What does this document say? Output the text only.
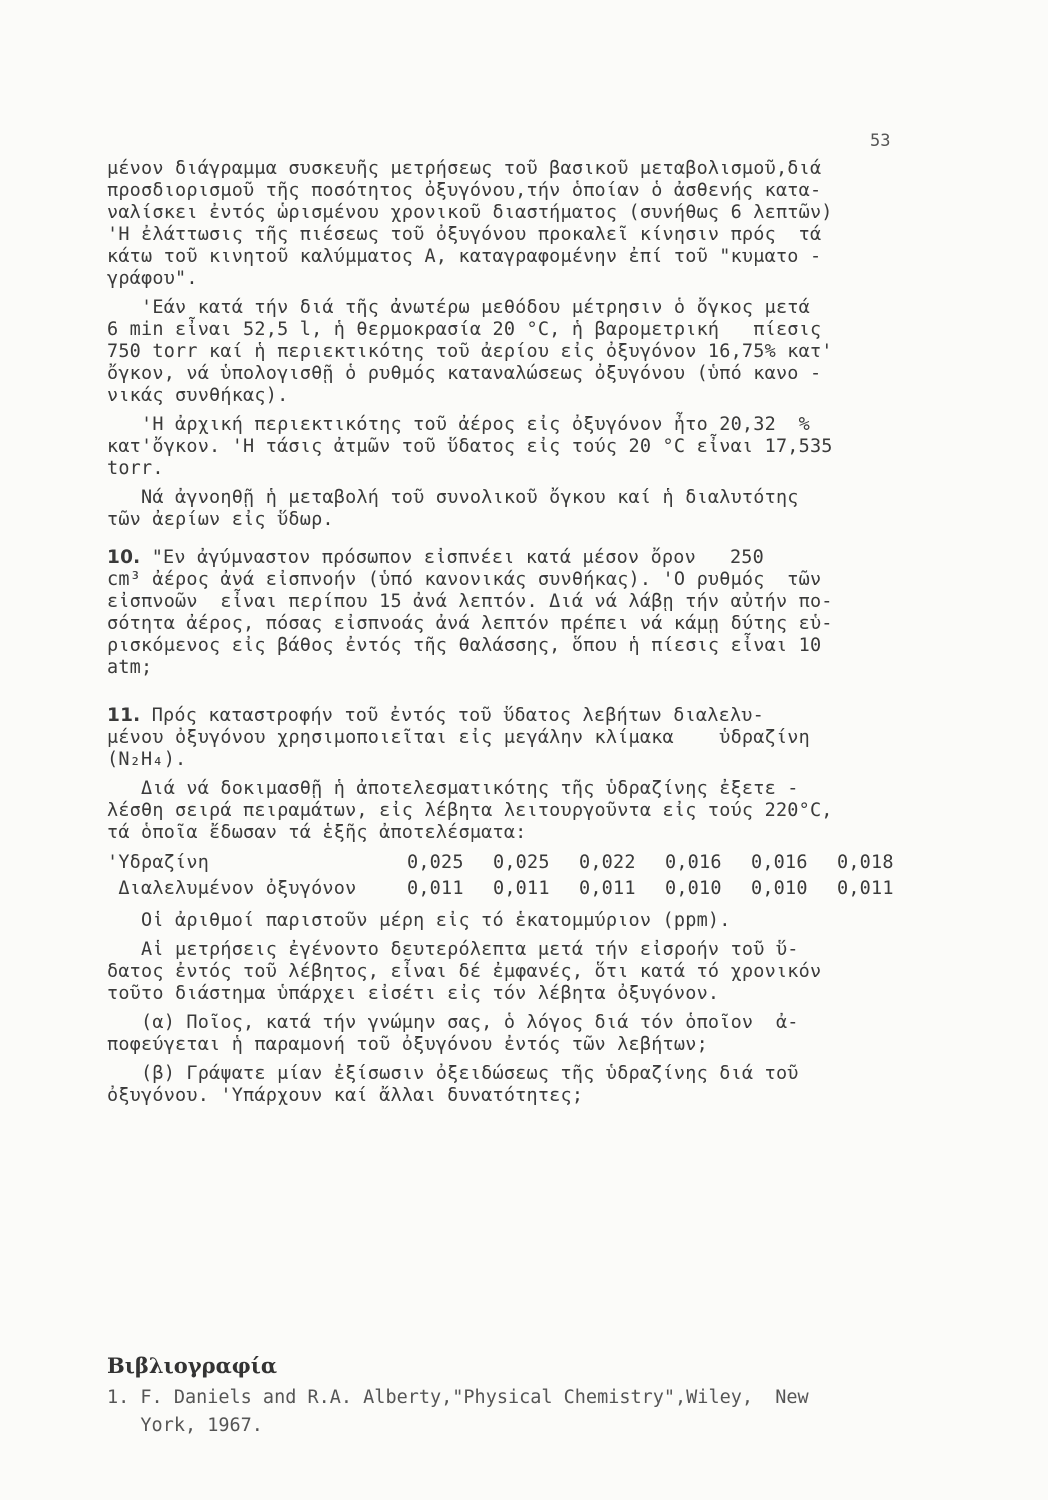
53
μένον διάγραμμα συσκευῆς μετρήσεως τοῦ βασικοῦ μεταβολισμοῦ,διά
προσδιορισμοῦ τῆς ποσότητος ὀξυγόνου,τήν ὁποίαν ὁ ἀσθενής κατα-
ναλίσκει ἐντός ὡρισμένου χρονικοῦ διαστήματος (συνήθως 6 λεπτῶν)
'Η ἐλάττωσις τῆς πιέσεως τοῦ ὀξυγόνου προκαλεῖ κίνησιν πρός  τά
κάτω τοῦ κινητοῦ καλύμματος Α, καταγραφομένην ἐπί τοῦ "κυματο -
γράφου".
'Εάν κατά τήν διά τῆς ἀνωτέρω μεθόδου μέτρησιν ὁ ὄγκος μετά
6 min εἶναι 52,5 l, ἡ θερμοκρασία 20 °C, ἡ βαρομετρική   πίεσις
750 torr καί ἡ περιεκτικότης τοῦ ἀερίου εἰς ὀξυγόνον 16,75% κατ'
ὄγκον, νά ὑπολογισθῇ ὁ ρυθμός καταναλώσεως ὀξυγόνου (ὑπό κανο -
νικάς συνθήκας).
'Η ἀρχική περιεκτικότης τοῦ ἀέρος εἰς ὀξυγόνον ἦτο 20,32  %
κατ'ὄγκον. 'Η τάσις ἀτμῶν τοῦ ὕδατος εἰς τούς 20 °C εἶναι 17,535
torr.
Νά ἀγνοηθῇ ἡ μεταβολή τοῦ συνολικοῦ ὄγκου καί ἡ διαλυτότης
τῶν ἀερίων εἰς ὕδωρ.
10. "Εν ἀγύμναστον πρόσωπον εἰσπνέει κατά μέσον ὄρον   250
cm³ ἀέρος ἀνά εἰσπνοήν (ὑπό κανονικάς συνθήκας). 'Ο ρυθμός  τῶν
εἰσπνοῶν  εἶναι περίπου 15 ἀνά λεπτόν. Διά νά λάβῃ τήν αὐτήν πο-
σότητα ἀέρος, πόσας εἰσπνοάς ἀνά λεπτόν πρέπει νά κάμῃ δύτης εὑ-
ρισκόμενος εἰς βάθος ἐντός τῆς θαλάσσης, ὅπου ἡ πίεσις εἶναι 10
atm;
11. Πρός καταστροφήν τοῦ ἐντός τοῦ ὕδατος λεβήτων διαλελυ-
μένου ὀξυγόνου χρησιμοποιεῖται εἰς μεγάλην κλίμακα    ὑδραζίνη
(N₂H₄).
Διά νά δοκιμασθῇ ἡ ἀποτελεσματικότης τῆς ὑδραζίνης ἐξετε -
λέσθη σειρά πειραμάτων, εἰς λέβητα λειτουργοῦντα εἰς τούς 220°C,
τά ὁποῖα ἔδωσαν τά ἑξῆς ἀποτελέσματα:
'Υδραζίνη	0,025	0,025	0,022	0,016	0,016	0,018
Διαλελυμένον ὀξυγόνον	0,011	0,011	0,011	0,010	0,010	0,011
Οἱ ἀριθμοί παριστοῦν μέρη εἰς τό ἑκατομμύριον (ppm).
Αἱ μετρήσεις ἐγένοντο δευτερόλεπτα μετά τήν εἰσροήν τοῦ ὕ-
δατος ἐντός τοῦ λέβητος, εἶναι δέ ἐμφανές, ὅτι κατά τό χρονικόν
τοῦτο διάστημα ὑπάρχει εἰσέτι εἰς τόν λέβητα ὀξυγόνον.
(α) Ποῖος, κατά τήν γνώμην σας, ὁ λόγος διά τόν ὁποῖον  ἀ-
ποφεύγεται ἡ παραμονή τοῦ ὀξυγόνου ἐντός τῶν λεβήτων;
(β) Γράψατε μίαν ἐξίσωσιν ὀξειδώσεως τῆς ὑδραζίνης διά τοῦ
ὀξυγόνου. 'Υπάρχουν καί ἄλλαι δυνατότητες;
Βιβλιογραφία
1. F. Daniels and R.A. Alberty,"Physical Chemistry",Wiley,  New
York, 1967.
